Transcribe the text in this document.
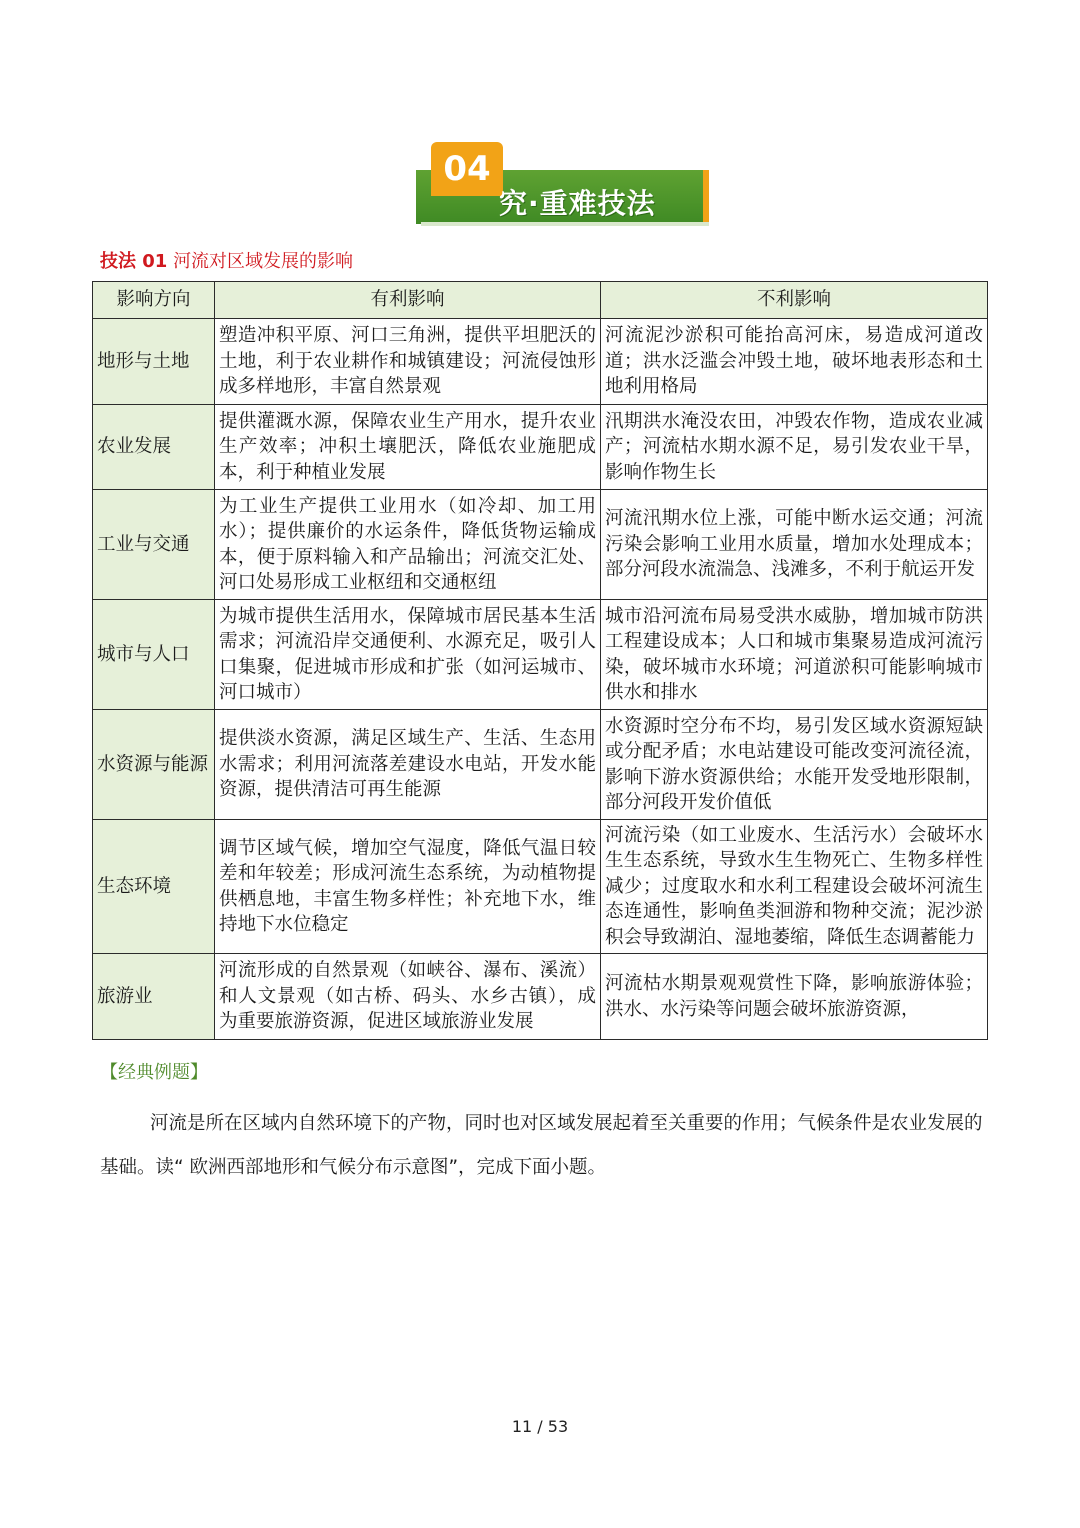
04
究·重难技法
技法 01 河流对区域发展的影响
影响方向	有利影响	不利影响
地形与土地	塑造冲积平原、河口三角洲，提供平坦肥沃的土地，利于农业耕作和城镇建设；河流侵蚀形成多样地形，丰富自然景观	河流泥沙淤积可能抬高河床，易造成河道改道；洪水泛滥会冲毁土地，破坏地表形态和土地利用格局
农业发展	提供灌溉水源，保障农业生产用水，提升农业生产效率；冲积土壤肥沃，降低农业施肥成本，利于种植业发展	汛期洪水淹没农田，冲毁农作物，造成农业减产；河流枯水期水源不足，易引发农业干旱，影响作物生长
工业与交通	为工业生产提供工业用水（如冷却、加工用水）；提供廉价的水运条件，降低货物运输成本，便于原料输入和产品输出；河流交汇处、河口处易形成工业枢纽和交通枢纽	河流汛期水位上涨，可能中断水运交通；河流污染会影响工业用水质量，增加水处理成本；部分河段水流湍急、浅滩多，不利于航运开发
城市与人口	为城市提供生活用水，保障城市居民基本生活需求；河流沿岸交通便利、水源充足，吸引人口集聚，促进城市形成和扩张（如河运城市、河口城市）	城市沿河流布局易受洪水威胁，增加城市防洪工程建设成本；人口和城市集聚易造成河流污染，破坏城市水环境；河道淤积可能影响城市供水和排水
水资源与能源	提供淡水资源，满足区域生产、生活、生态用水需求；利用河流落差建设水电站，开发水能资源，提供清洁可再生能源	水资源时空分布不均，易引发区域水资源短缺或分配矛盾；水电站建设可能改变河流径流，影响下游水资源供给；水能开发受地形限制，部分河段开发价值低
生态环境	调节区域气候，增加空气湿度，降低气温日较差和年较差；形成河流生态系统，为动植物提供栖息地，丰富生物多样性；补充地下水，维持地下水位稳定	河流污染（如工业废水、生活污水）会破坏水生生态系统，导致水生生物死亡、生物多样性减少；过度取水和水利工程建设会破坏河流生态连通性，影响鱼类洄游和物种交流；泥沙淤积会导致湖泊、湿地萎缩，降低生态调蓄能力
旅游业	河流形成的自然景观（如峡谷、瀑布、溪流）和人文景观（如古桥、码头、水乡古镇），成为重要旅游资源，促进区域旅游业发展	河流枯水期景观观赏性下降，影响旅游体验；洪水、水污染等问题会破坏旅游资源，
【经典例题】
河流是所在区域内自然环境下的产物，同时也对区域发展起着至关重要的作用；气候条件是农业发展的基础。读“ 欧洲西部地形和气候分布示意图”，完成下面小题。
11 / 53
